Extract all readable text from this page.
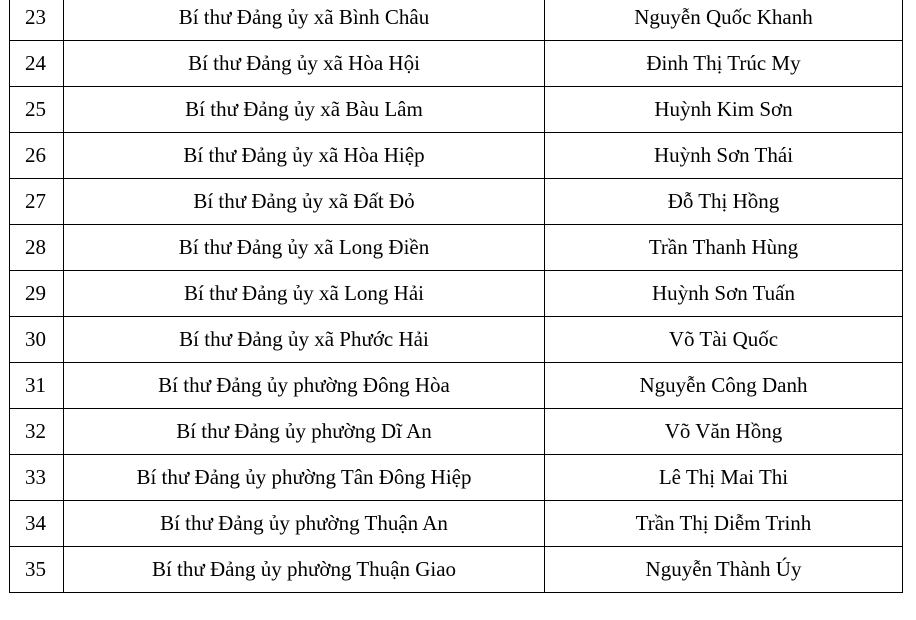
23	Bí thư Đảng ủy xã Bình Châu	Nguyễn Quốc Khanh
24	Bí thư Đảng ủy xã Hòa Hội	Đinh Thị Trúc My
25	Bí thư Đảng ủy xã Bàu Lâm	Huỳnh Kim Sơn
26	Bí thư Đảng ủy xã Hòa Hiệp	Huỳnh Sơn Thái
27	Bí thư Đảng ủy xã Đất Đỏ	Đỗ Thị Hồng
28	Bí thư Đảng ủy xã Long Điền	Trần Thanh Hùng
29	Bí thư Đảng ủy xã Long Hải	Huỳnh Sơn Tuấn
30	Bí thư Đảng ủy xã Phước Hải	Võ Tài Quốc
31	Bí thư Đảng ủy phường Đông Hòa	Nguyễn Công Danh
32	Bí thư Đảng ủy phường Dĩ An	Võ Văn Hồng
33	Bí thư Đảng ủy phường Tân Đông Hiệp	Lê Thị Mai Thi
34	Bí thư Đảng ủy phường Thuận An	Trần Thị Diễm Trinh
35	Bí thư Đảng ủy phường Thuận Giao	Nguyễn Thành Úy
